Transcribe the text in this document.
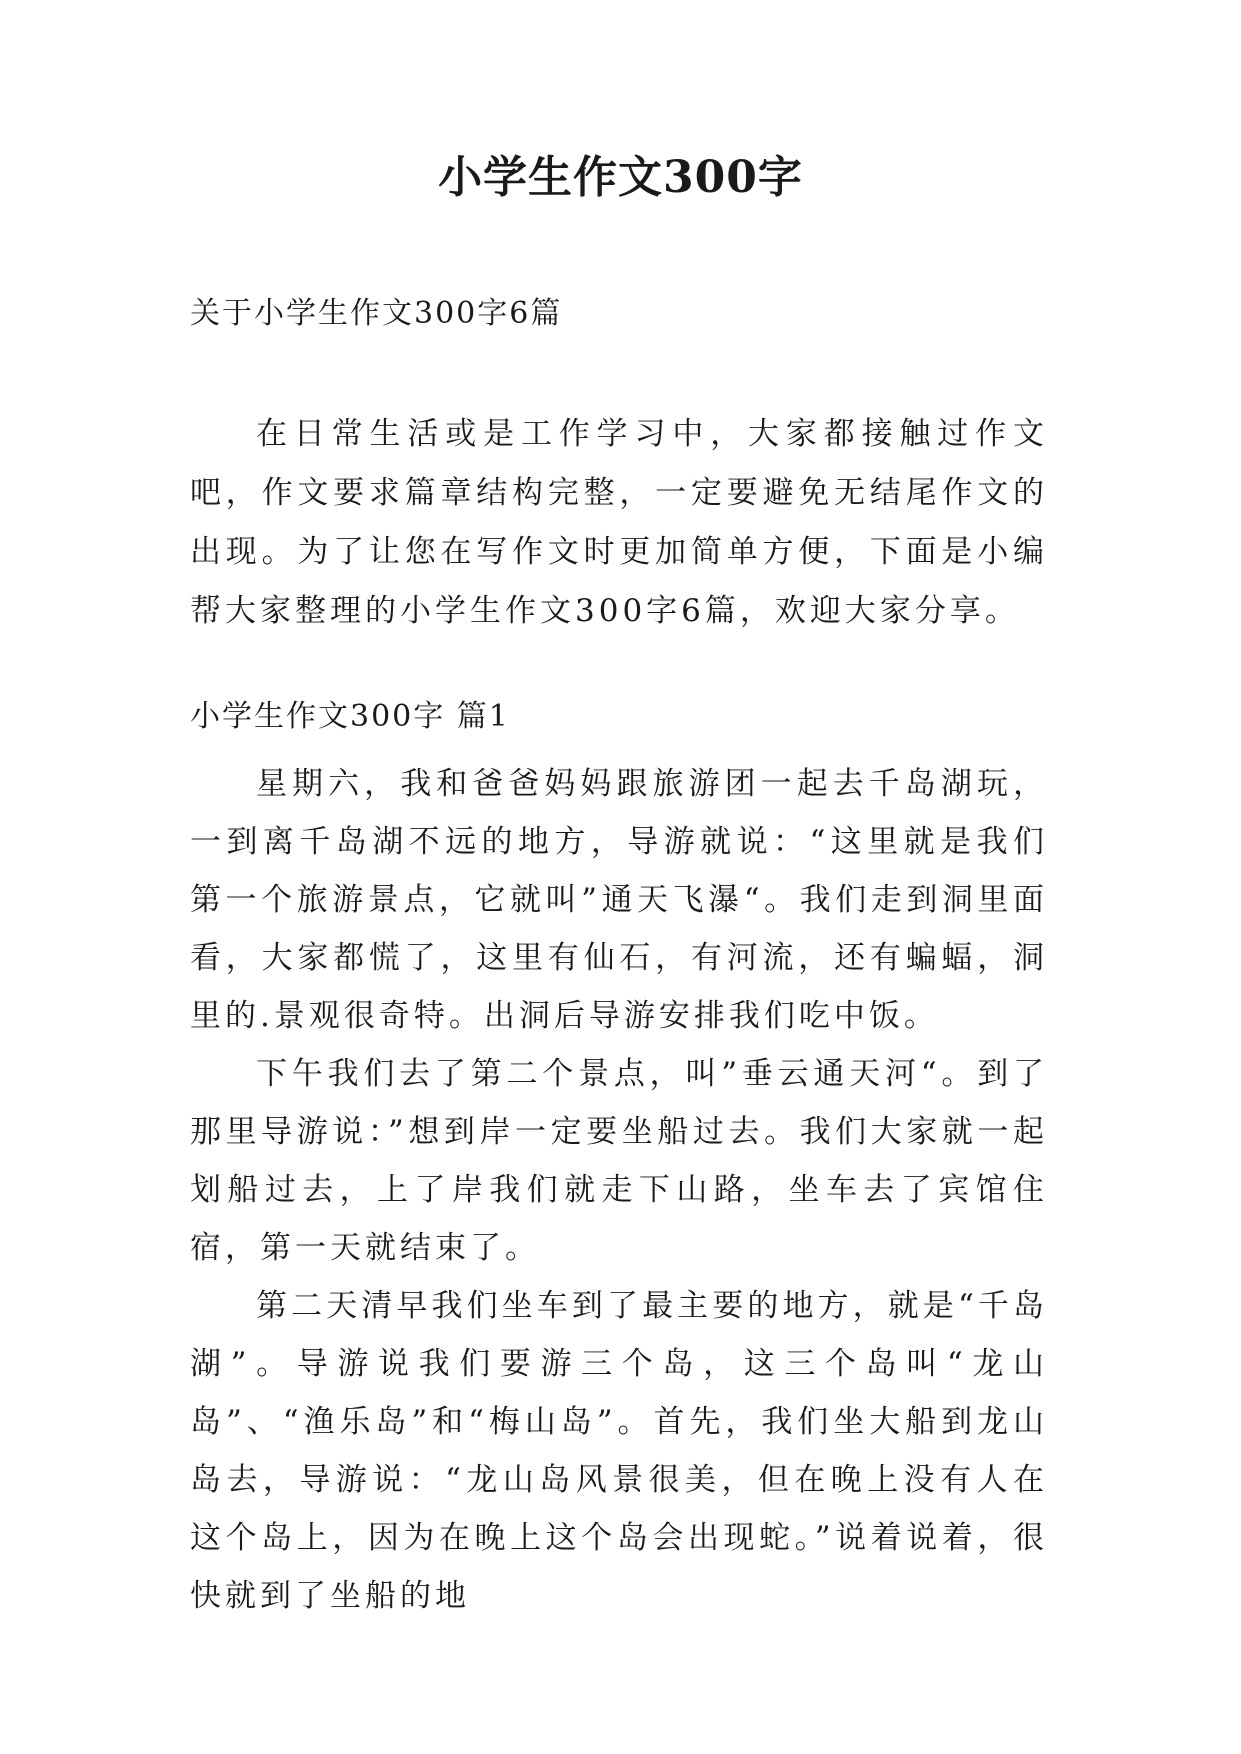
小学生作文300字
关于小学生作文300字6篇

在日常生活或是工作学习中，大家都接触过作文吧，作文要求篇章结构完整，一定要避免无结尾作文的出现。为了让您在写作文时更加简单方便，下面是小编帮大家整理的小学生作文300字6篇，欢迎大家分享。

小学生作文300字 篇1

星期六，我和爸爸妈妈跟旅游团一起去千岛湖玩，一到离千岛湖不远的地方，导游就说：“这里就是我们第一个旅游景点，它就叫”通天飞瀑“。我们走到洞里面看，大家都慌了，这里有仙石，有河流，还有蝙蝠，洞里的.景观很奇特。出洞后导游安排我们吃中饭。

下午我们去了第二个景点，叫”垂云通天河“。到了那里导游说：”想到岸一定要坐船过去。我们大家就一起划船过去，上了岸我们就走下山路，坐车去了宾馆住宿，第一天就结束了。

第二天清早我们坐车到了最主要的地方，就是“千岛湖”。导游说我们要游三个岛，这三个岛叫“龙山岛”、“渔乐岛”和“梅山岛”。首先，我们坐大船到龙山岛去，导游说：“龙山岛风景很美，但在晚上没有人在这个岛上，因为在晚上这个岛会出现蛇。”说着说着，很快就到了坐船的地
